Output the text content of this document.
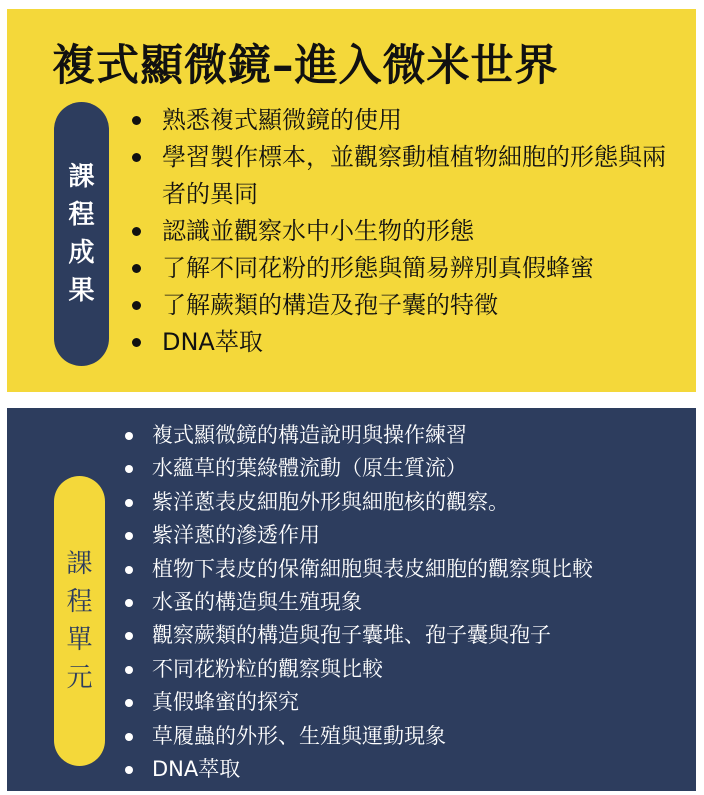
複式顯微鏡–進入微米世界
課
程
成
果
熟悉複式顯微鏡的使用
學習製作標本，並觀察動植植物細胞的形態與兩者的異同
認識並觀察水中小生物的形態
了解不同花粉的形態與簡易辨別真假蜂蜜
了解蕨類的構造及孢子囊的特徵
DNA萃取
課
程
單
元
複式顯微鏡的構造說明與操作練習
水蘊草的葉綠體流動（原生質流）
紫洋蔥表皮細胞外形與細胞核的觀察。
紫洋蔥的滲透作用
植物下表皮的保衛細胞與表皮細胞的觀察與比較
水蚤的構造與生殖現象
觀察蕨類的構造與孢子囊堆、孢子囊與孢子
不同花粉粒的觀察與比較
真假蜂蜜的探究
草履蟲的外形、生殖與運動現象
DNA萃取
